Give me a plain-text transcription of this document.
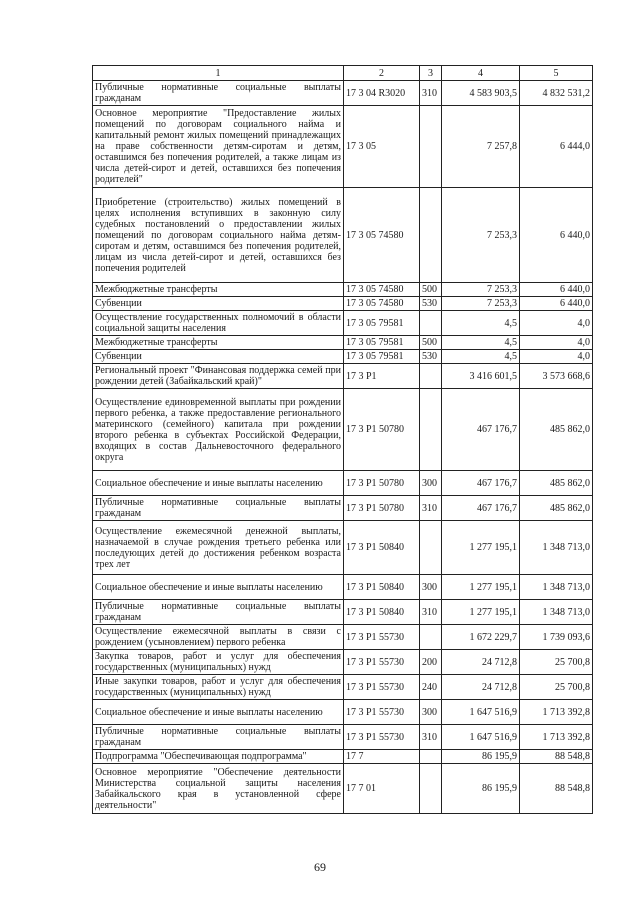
1	2	3	4	5
Публичные нормативные социальные выплаты гражданам	17 3 04 R3020	310	4 583 903,5	4 832 531,2
Основное мероприятие "Предоставление жилых помещений по договорам социального найма и капитальный ремонт жилых помещений принадлежащих на праве собственности детям-сиротам и детям, оставшимся без попечения родителей, а также лицам из числа детей-сирот и детей, оставшихся без попечения родителей"	17 3 05		7 257,8	6 444,0
Приобретение (строительство) жилых помещений в целях исполнения вступивших в законную силу судебных постановлений о предоставлении жилых помещений по договорам социального найма детям-сиротам и детям, оставшимся без попечения родителей, лицам из числа детей-сирот и детей, оставшихся без попечения родителей	17 3 05 74580		7 253,3	6 440,0
Межбюджетные трансферты	17 3 05 74580	500	7 253,3	6 440,0
Субвенции	17 3 05 74580	530	7 253,3	6 440,0
Осуществление государственных полномочий в области социальной защиты населения	17 3 05 79581		4,5	4,0
Межбюджетные трансферты	17 3 05 79581	500	4,5	4,0
Субвенции	17 3 05 79581	530	4,5	4,0
Региональный проект "Финансовая поддержка семей при рождении детей (Забайкальский край)"	17 3 P1		3 416 601,5	3 573 668,6
Осуществление единовременной выплаты при рождении первого ребенка, а также предоставление регионального материнского (семейного) капитала при рождении второго ребенка в субъектах Российской Федерации, входящих в состав Дальневосточного федерального округа	17 3 P1 50780		467 176,7	485 862,0
Социальное обеспечение и иные выплаты населению	17 3 P1 50780	300	467 176,7	485 862,0
Публичные нормативные социальные выплаты гражданам	17 3 P1 50780	310	467 176,7	485 862,0
Осуществление ежемесячной денежной выплаты, назначаемой в случае рождения третьего ребенка или последующих детей до достижения ребенком возраста трех лет	17 3 P1 50840		1 277 195,1	1 348 713,0
Социальное обеспечение и иные выплаты населению	17 3 P1 50840	300	1 277 195,1	1 348 713,0
Публичные нормативные социальные выплаты гражданам	17 3 P1 50840	310	1 277 195,1	1 348 713,0
Осуществление ежемесячной выплаты в связи с рождением (усыновлением) первого ребенка	17 3 P1 55730		1 672 229,7	1 739 093,6
Закупка товаров, работ и услуг для обеспечения государственных (муниципальных) нужд	17 3 P1 55730	200	24 712,8	25 700,8
Иные закупки товаров, работ и услуг для обеспечения государственных (муниципальных) нужд	17 3 P1 55730	240	24 712,8	25 700,8
Социальное обеспечение и иные выплаты населению	17 3 P1 55730	300	1 647 516,9	1 713 392,8
Публичные нормативные социальные выплаты гражданам	17 3 P1 55730	310	1 647 516,9	1 713 392,8
Подпрограмма "Обеспечивающая подпрограмма"	17 7		86 195,9	88 548,8
Основное мероприятие "Обеспечение деятельности Министерства социальной защиты населения Забайкальского края в установленной сфере деятельности"	17 7 01		86 195,9	88 548,8
69
